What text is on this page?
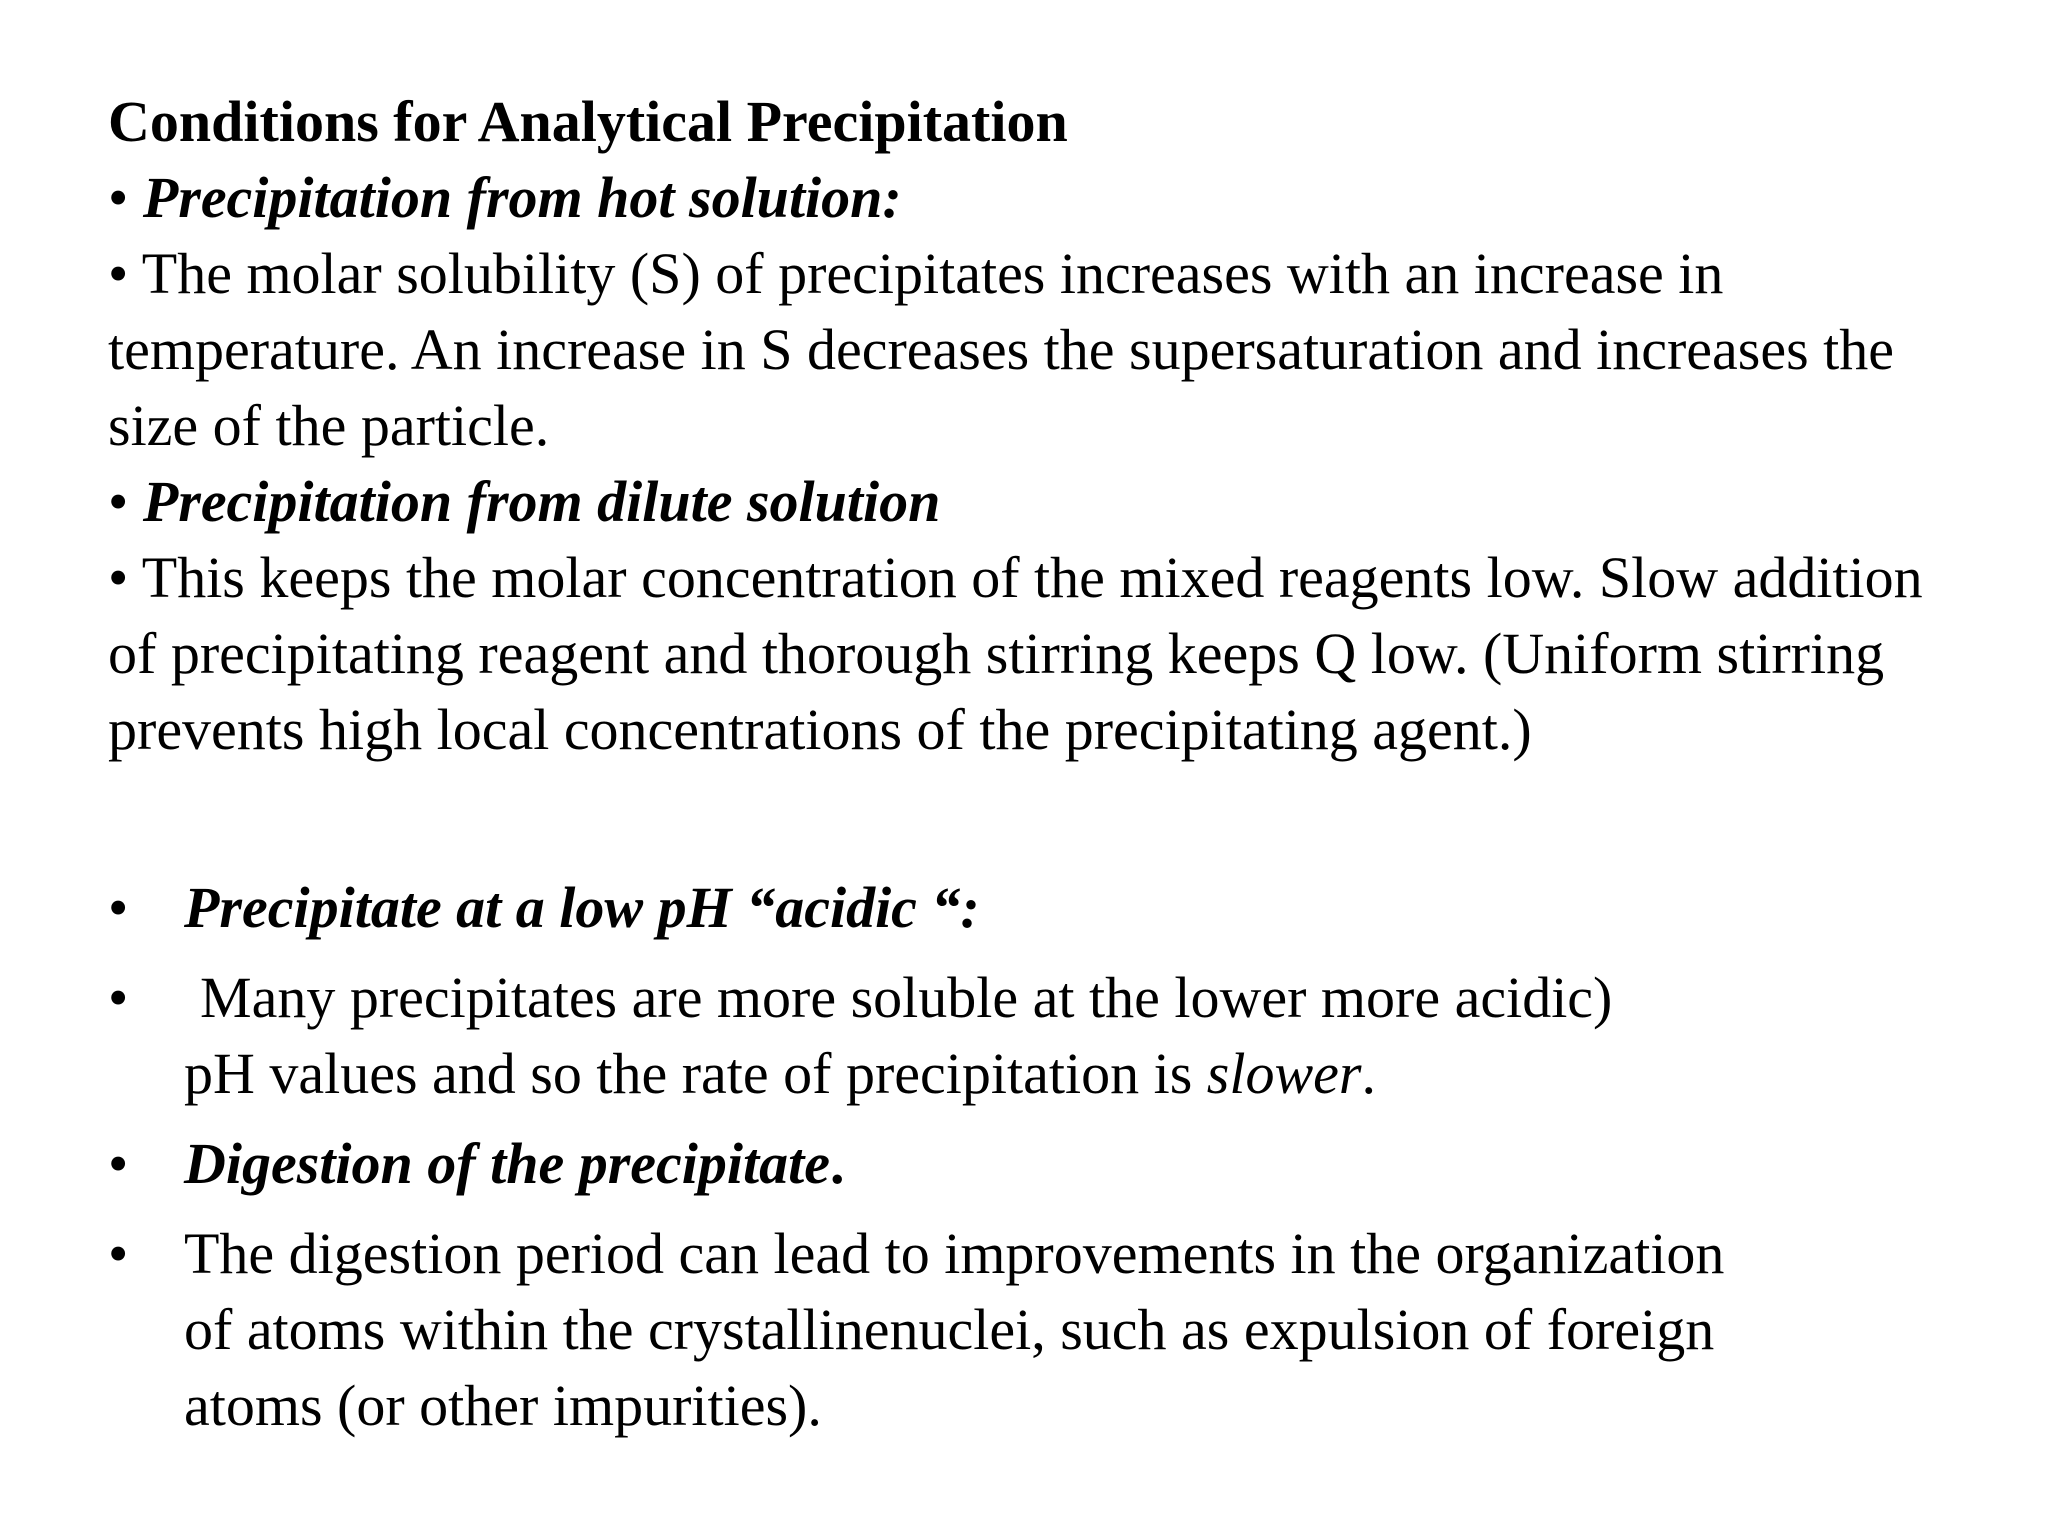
Conditions for Analytical Precipitation

• Precipitation from hot solution:

• The molar solubility (S) of precipitates increases with an increase in temperature. An increase in S decreases the supersaturation and increases the size of the particle.

• Precipitation from dilute solution

• This keeps the molar concentration of the mixed reagents low. Slow addition of precipitating reagent and thorough stirring keeps Q low. (Uniform stirring prevents high local concentrations of the precipitating agent.)

• Precipitate at a low pH “acidic “:
• Many precipitates are more soluble at the lower more acidic)
pH values and so the rate of precipitation is slower.
• Digestion of the precipitate.
• The digestion period can lead to improvements in the organization of atoms within the crystallinenuclei, such as expulsion of foreign atoms (or other impurities).
